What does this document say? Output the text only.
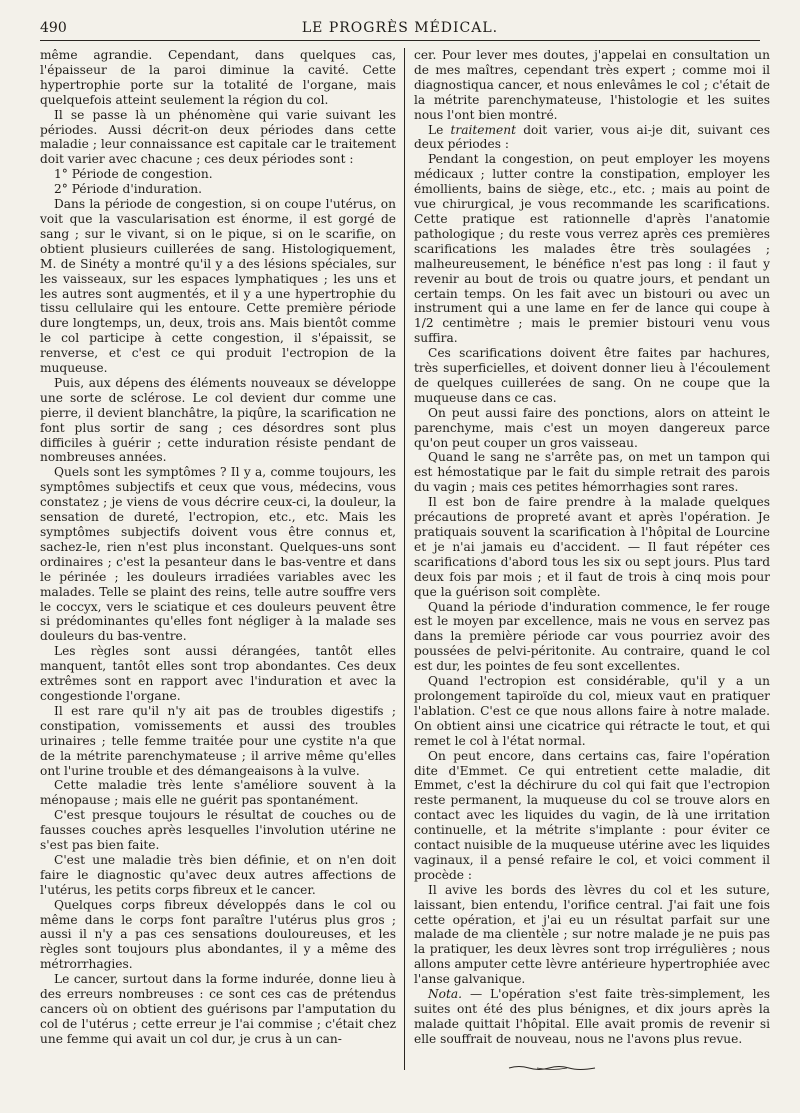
490	LE PROGRÈS MÉDICAL.

même agrandie. Cependant, dans quelques cas, l'épaisseur de la paroi diminue la cavité. Cette hypertrophie porte sur la totalité de l'organe, mais quelquefois atteint seulement la région du col.

Il se passe là un phénomène qui varie suivant les périodes. Aussi décrit-on deux périodes dans cette maladie ; leur connaissance est capitale car le traitement doit varier avec chacune ; ces deux périodes sont :

1° Période de congestion.

2° Période d'induration.

Dans la période de congestion, si on coupe l'utérus, on voit que la vascularisation est énorme, il est gorgé de sang ; sur le vivant, si on le pique, si on le scarifie, on obtient plusieurs cuillerées de sang. Histologiquement, M. de Sinéty a montré qu'il y a des lésions spéciales, sur les vaisseaux, sur les espaces lymphatiques ; les uns et les autres sont augmentés, et il y a une hypertrophie du tissu cellulaire qui les entoure. Cette première période dure longtemps, un, deux, trois ans. Mais bientôt comme le col participe à cette congestion, il s'épaissit, se renverse, et c'est ce qui produit l'ectropion de la muqueuse.

Puis, aux dépens des éléments nouveaux se développe une sorte de sclérose. Le col devient dur comme une pierre, il devient blanchâtre, la piqûre, la scarification ne font plus sortir de sang ; ces désordres sont plus difficiles à guérir ; cette induration résiste pendant de nombreuses années.

Quels sont les symptômes ? Il y a, comme toujours, les symptômes subjectifs et ceux que vous, médecins, vous constatez ; je viens de vous décrire ceux-ci, la douleur, la sensation de dureté, l'ectropion, etc., etc. Mais les symptômes subjectifs doivent vous être connus et, sachez-le, rien n'est plus inconstant. Quelques-uns sont ordinaires ; c'est la pesanteur dans le bas-ventre et dans le périnée ; les douleurs irradiées variables avec les malades. Telle se plaint des reins, telle autre souffre vers le coccyx, vers le sciatique et ces douleurs peuvent être si prédominantes qu'elles font négliger à la malade ses douleurs du bas-ventre.

Les règles sont aussi dérangées, tantôt elles manquent, tantôt elles sont trop abondantes. Ces deux extrêmes sont en rapport avec l'induration et avec la congestionde l'organe.

Il est rare qu'il n'y ait pas de troubles digestifs ; constipation, vomissements et aussi des troubles urinaires ; telle femme traitée pour une cystite n'a que de la métrite parenchymateuse ; il arrive même qu'elles ont l'urine trouble et des démangeaisons à la vulve.

Cette maladie très lente s'améliore souvent à la ménopause ; mais elle ne guérit pas spontanément.

C'est presque toujours le résultat de couches ou de fausses couches après lesquelles l'involution utérine ne s'est pas bien faite.

C'est une maladie très bien définie, et on n'en doit faire le diagnostic qu'avec deux autres affections de l'utérus, les petits corps fibreux et le cancer.

Quelques corps fibreux développés dans le col ou même dans le corps font paraître l'utérus plus gros ; aussi il n'y a pas ces sensations douloureuses, et les règles sont toujours plus abondantes, il y a même des métrorrhagies.

Le cancer, surtout dans la forme indurée, donne lieu à des erreurs nombreuses : ce sont ces cas de prétendus cancers où on obtient des guérisons par l'amputation du col de l'utérus ; cette erreur je l'ai commise ; c'était chez une femme qui avait un col dur, je crus à un can-

cer. Pour lever mes doutes, j'appelai en consultation un de mes maîtres, cependant très expert ; comme moi il diagnostiqua cancer, et nous enlevâmes le col ; c'était de la métrite parenchymateuse, l'histologie et les suites nous l'ont bien montré.

Le traitement doit varier, vous ai-je dit, suivant ces deux périodes :

Pendant la congestion, on peut employer les moyens médicaux ; lutter contre la constipation, employer les émollients, bains de siège, etc., etc. ; mais au point de vue chirurgical, je vous recommande les scarifications. Cette pratique est rationnelle d'après l'anatomie pathologique ; du reste vous verrez après ces premières scarifications les malades être très soulagées ; malheureusement, le bénéfice n'est pas long : il faut y revenir au bout de trois ou quatre jours, et pendant un certain temps. On les fait avec un bistouri ou avec un instrument qui a une lame en fer de lance qui coupe à 1/2 centimètre ; mais le premier bistouri venu vous suffira.

Ces scarifications doivent être faites par hachures, très superficielles, et doivent donner lieu à l'écoulement de quelques cuillerées de sang. On ne coupe que la muqueuse dans ce cas.

On peut aussi faire des ponctions, alors on atteint le parenchyme, mais c'est un moyen dangereux parce qu'on peut couper un gros vaisseau.

Quand le sang ne s'arrête pas, on met un tampon qui est hémostatique par le fait du simple retrait des parois du vagin ; mais ces petites hémorrhagies sont rares.

Il est bon de faire prendre à la malade quelques précautions de propreté avant et après l'opération. Je pratiquais souvent la scarification à l'hôpital de Lourcine et je n'ai jamais eu d'accident. — Il faut répéter ces scarifications d'abord tous les six ou sept jours. Plus tard deux fois par mois ; et il faut de trois à cinq mois pour que la guérison soit complète.

Quand la période d'induration commence, le fer rouge est le moyen par excellence, mais ne vous en servez pas dans la première période car vous pourriez avoir des poussées de pelvi-péritonite. Au contraire, quand le col est dur, les pointes de feu sont excellentes.

Quand l'ectropion est considérable, qu'il y a un prolongement tapiroïde du col, mieux vaut en pratiquer l'ablation. C'est ce que nous allons faire à notre malade. On obtient ainsi une cicatrice qui rétracte le tout, et qui remet le col à l'état normal.

On peut encore, dans certains cas, faire l'opération dite d'Emmet. Ce qui entretient cette maladie, dit Emmet, c'est la déchirure du col qui fait que l'ectropion reste permanent, la muqueuse du col se trouve alors en contact avec les liquides du vagin, de là une irritation continuelle, et la métrite s'implante : pour éviter ce contact nuisible de la muqueuse utérine avec les liquides vaginaux, il a pensé refaire le col, et voici comment il procède :

Il avive les bords des lèvres du col et les suture, laissant, bien entendu, l'orifice central. J'ai fait une fois cette opération, et j'ai eu un résultat parfait sur une malade de ma clientèle ; sur notre malade je ne puis pas la pratiquer, les deux lèvres sont trop irrégulières ; nous allons amputer cette lèvre antérieure hypertrophiée avec l'anse galvanique.

Nota. — L'opération s'est faite très-simplement, les suites ont été des plus bénignes, et dix jours après la malade quittait l'hôpital. Elle avait promis de revenir si elle souffrait de nouveau, nous ne l'avons plus revue.
